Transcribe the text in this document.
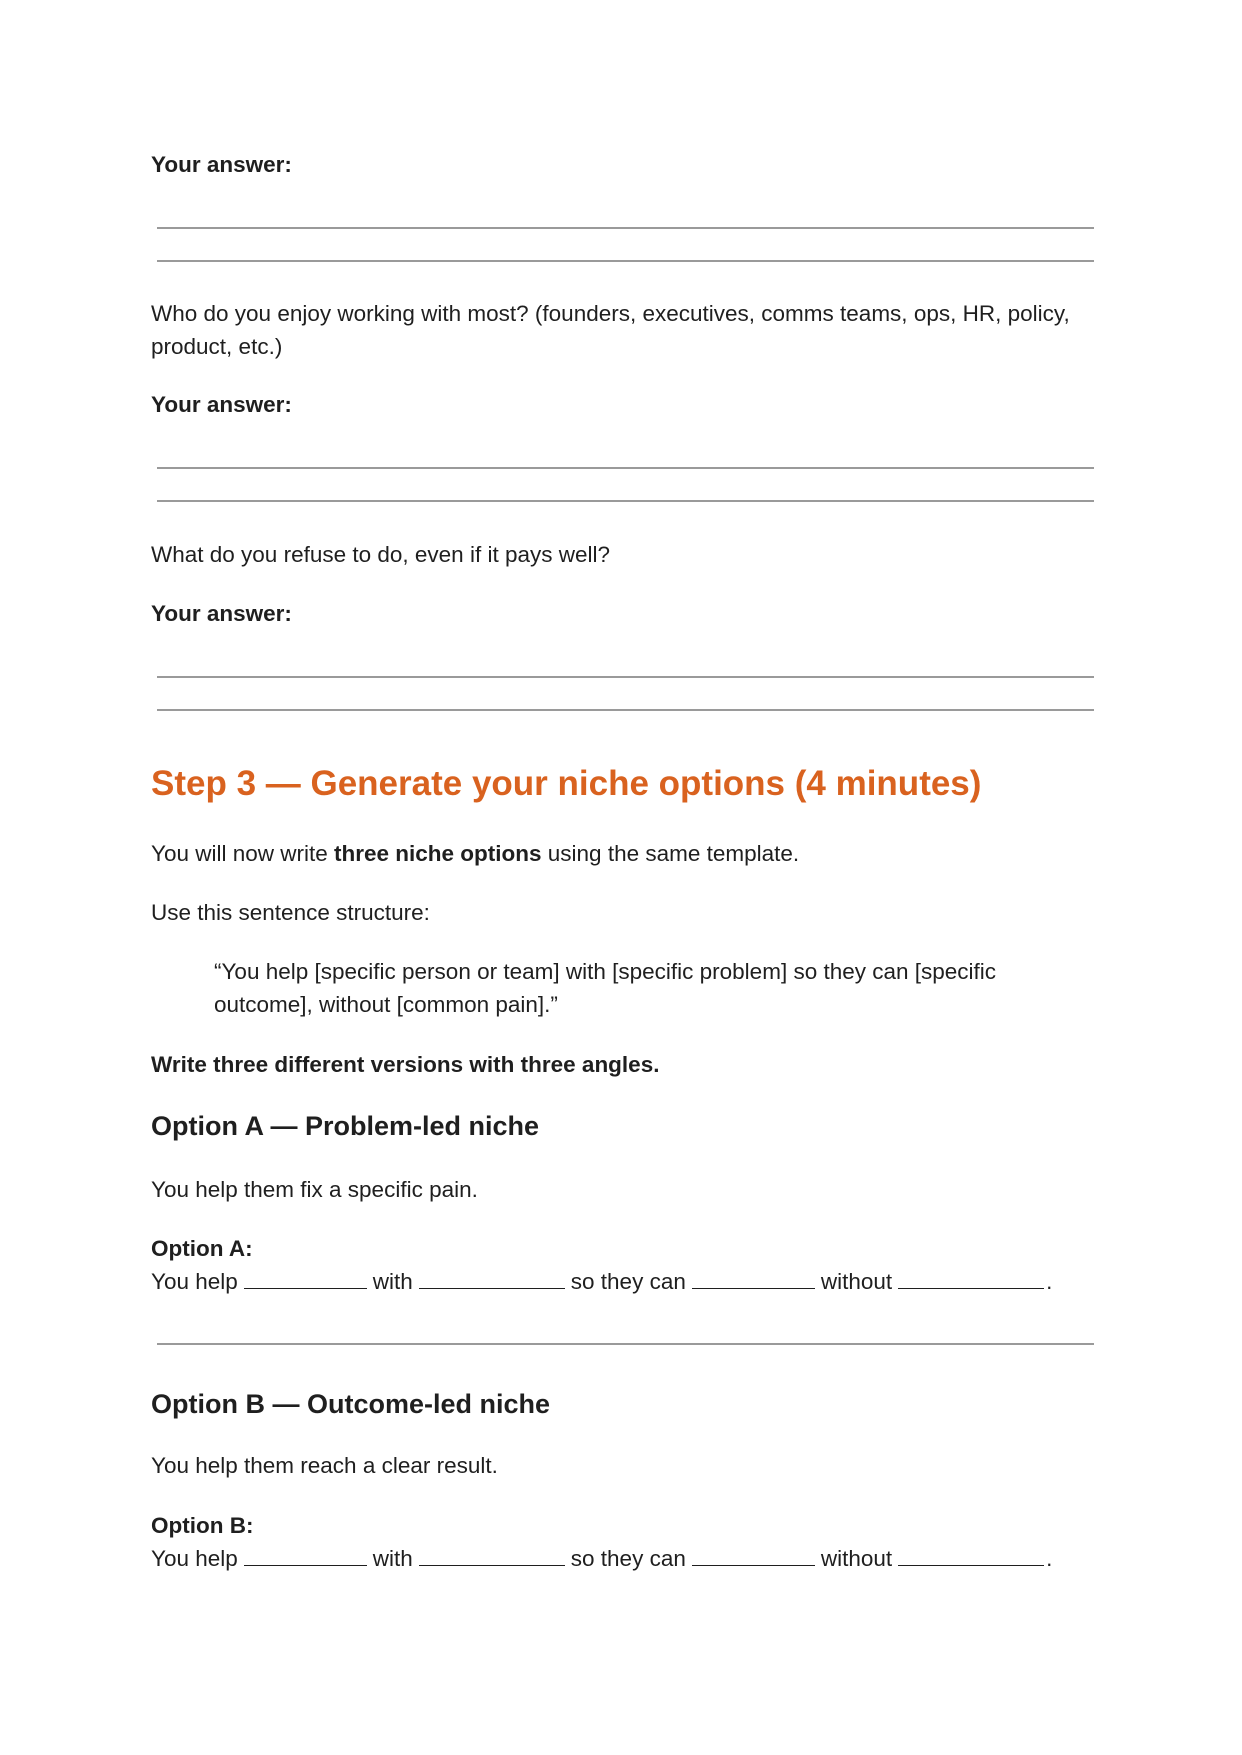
Your answer:

Who do you enjoy working with most? (founders, executives, comms teams, ops, HR, policy, product, etc.)

Your answer:

What do you refuse to do, even if it pays well?

Your answer:

Step 3 — Generate your niche options (4 minutes)

You will now write three niche options using the same template.

Use this sentence structure:

“You help [specific person or team] with [specific problem] so they can [specific outcome], without [common pain].”

Write three different versions with three angles.

Option A — Problem-led niche

You help them fix a specific pain.

Option A:

You help	with	so they can	without	.

Option B — Outcome-led niche

You help them reach a clear result.

Option B:

You help	with	so they can	without	.
